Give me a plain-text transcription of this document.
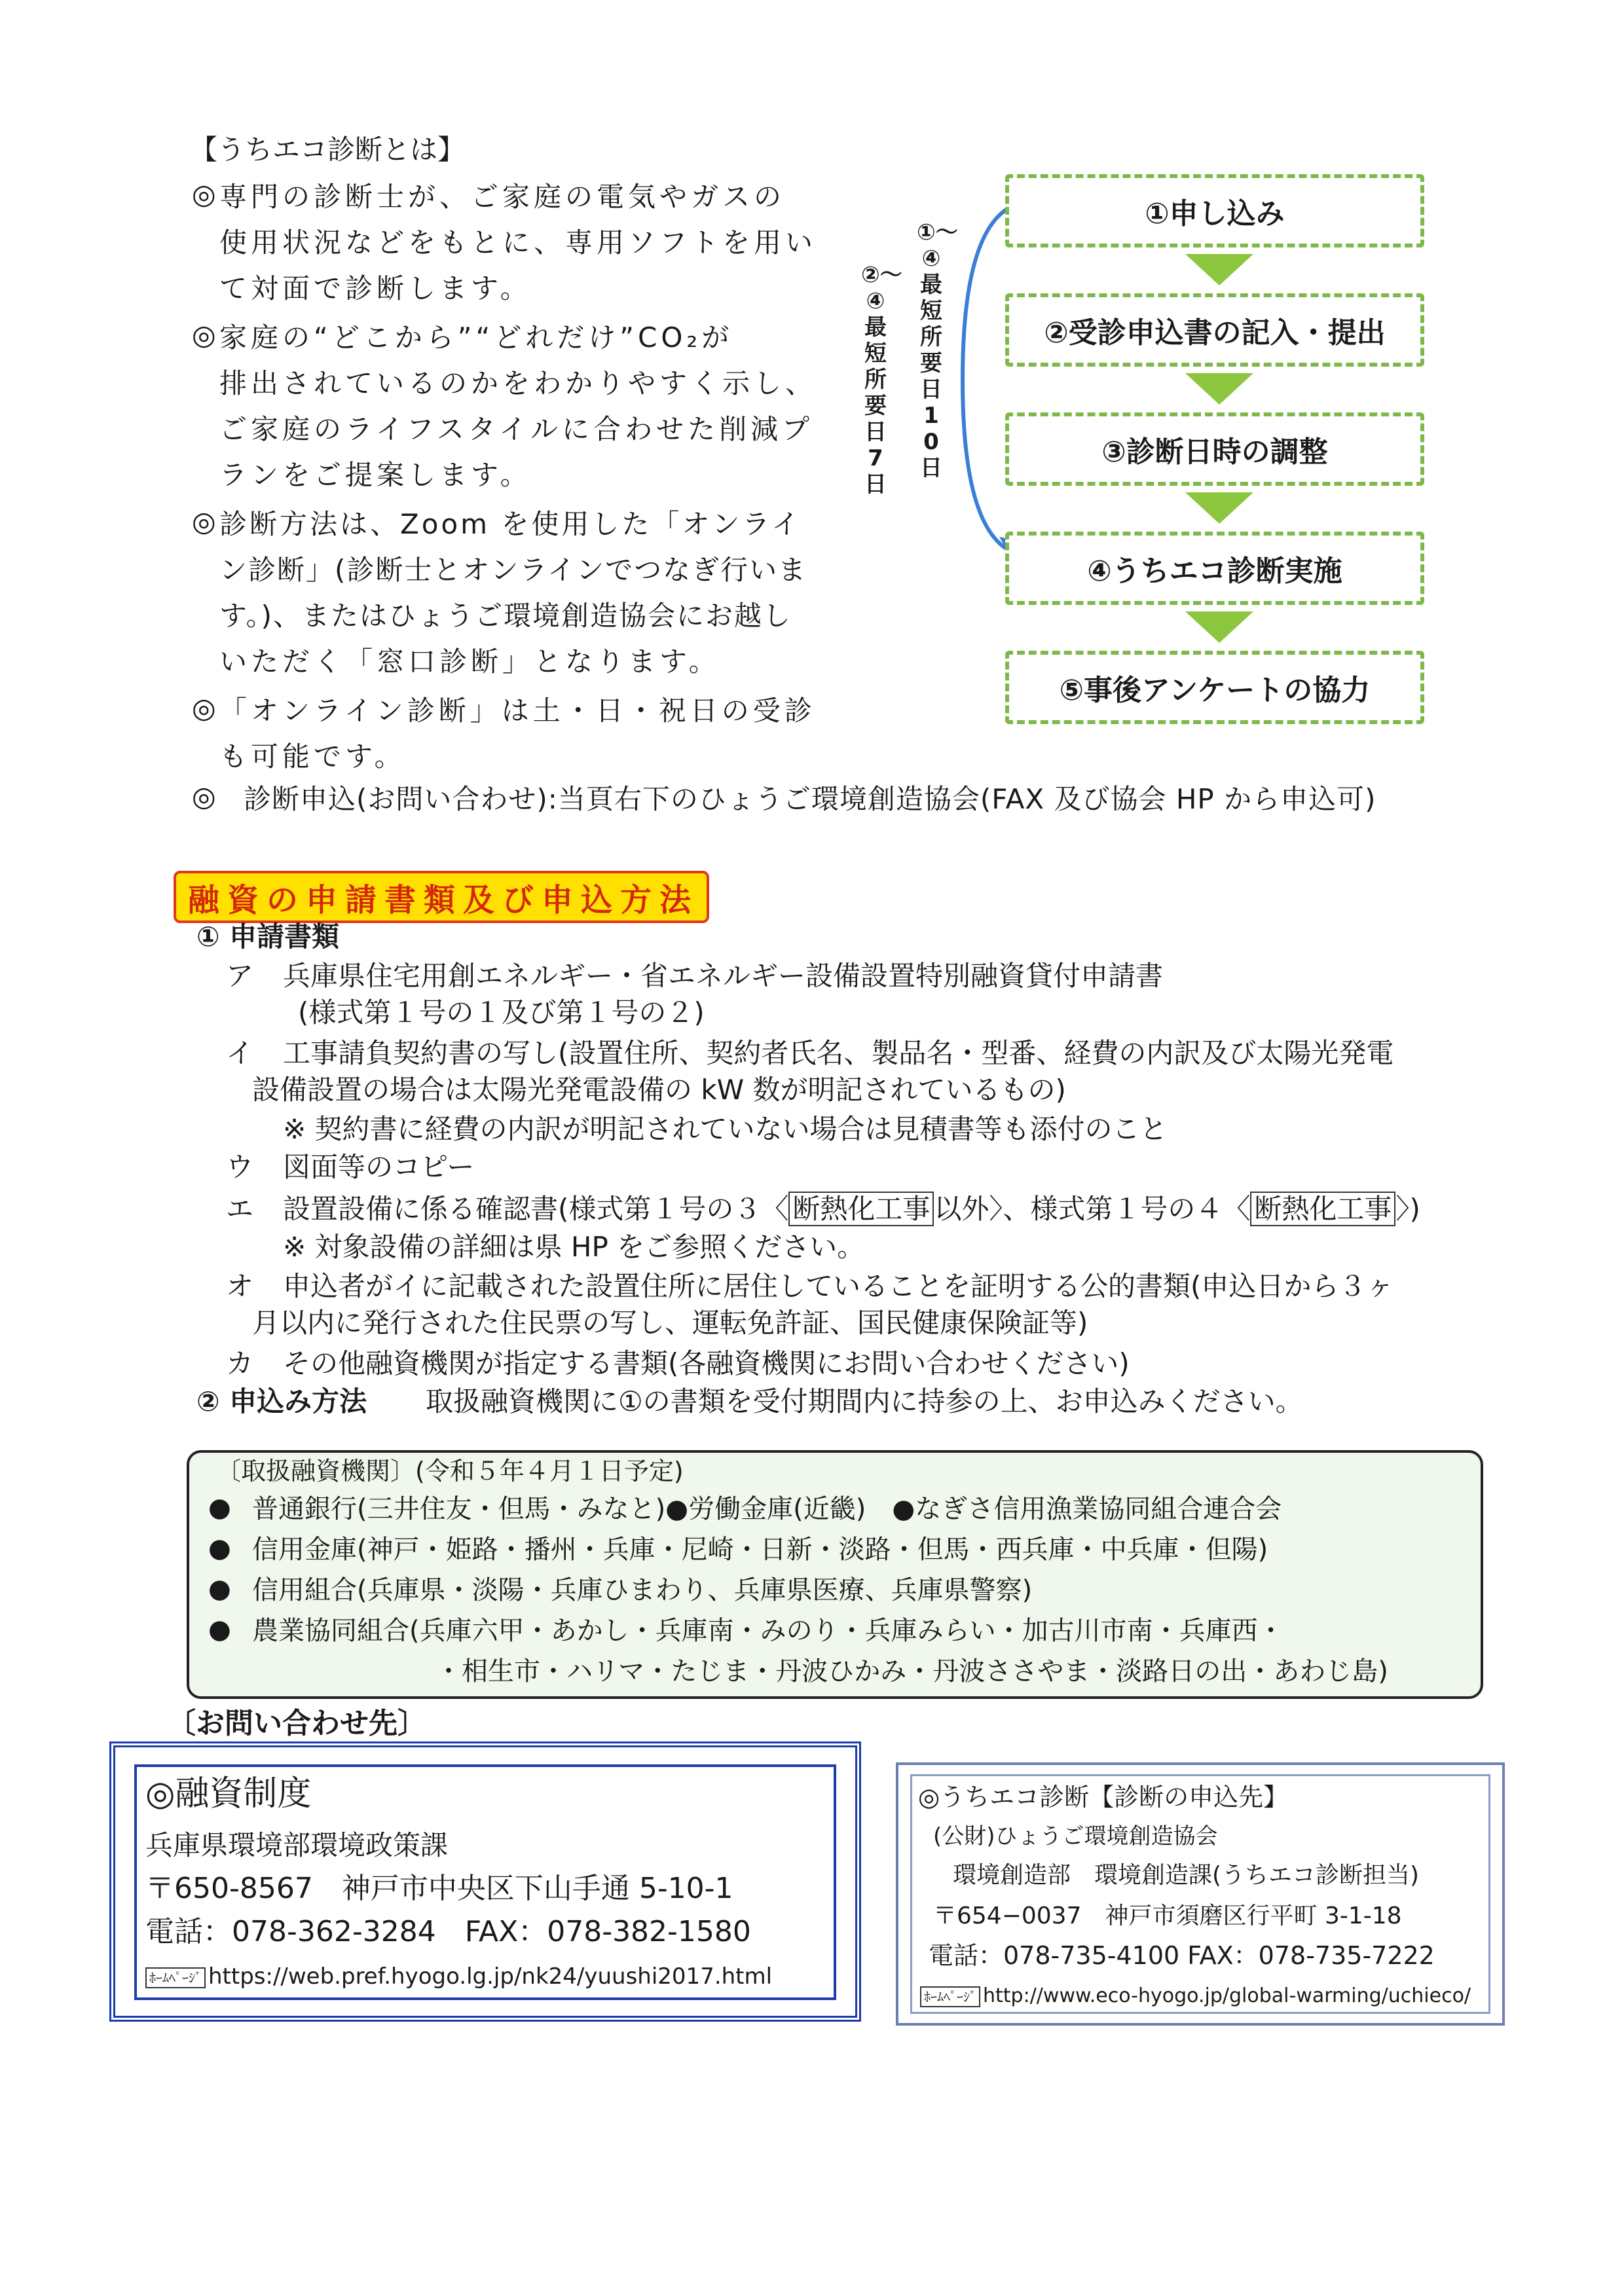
【うちエコ診断とは】
◎ 専門の診断士が、ご家庭の電気やガスの
使用状況などをもとに、専用ソフトを用い
て対面で診断します。
◎ 家庭の“どこから”“どれだけ”CO₂が
排出されているのかをわかりやすく示し、
ご家庭のライフスタイルに合わせた削減プ
ランをご提案します。
◎ 診断方法は、Zoom を使用した「オンライ
ン診断」(診断士とオンラインでつなぎ行いま
す。)、またはひょうご環境創造協会にお越し
いただく「窓口診断」となります。
◎ 「オンライン診断」は土・日・祝日の受診
も可能です。
◎ 診断申込(お問い合わせ):当頁右下のひょうご環境創造協会(FAX 及び協会 HP から申込可)
②〜④最短所要日7日
①〜④最短所要日10日
①申し込み
②受診申込書の記入・提出
③診断日時の調整
④うちエコ診断実施
⑤事後アンケートの協力
融資の申請書類及び申込方法
① 申請書類
ア 兵庫県住宅用創エネルギー・省エネルギー設備設置特別融資貸付申請書
(様式第１号の１及び第１号の２)
イ 工事請負契約書の写し(設置住所、契約者氏名、製品名・型番、経費の内訳及び太陽光発電
設備設置の場合は太陽光発電設備の kW 数が明記されているもの)
※ 契約書に経費の内訳が明記されていない場合は見積書等も添付のこと
ウ 図面等のコピー
エ 設置設備に係る確認書(様式第１号の３〈 断熱化工事 以外〉、様式第１号の４〈 断熱化工事 〉)
※ 対象設備の詳細は県 HP をご参照ください。
オ 申込者がイに記載された設置住所に居住していることを証明する公的書類(申込日から３ヶ
月以内に発行された住民票の写し、運転免許証、国民健康保険証等)
カ その他融資機関が指定する書類(各融資機関にお問い合わせください)
② 申込み方法 取扱融資機関に①の書類を受付期間内に持参の上、お申込みください。
〔取扱融資機関〕(令和５年４月１日予定)
● 普通銀行(三井住友・但馬・みなと)●労働金庫(近畿)　●なぎさ信用漁業協同組合連合会
● 信用金庫(神戸・姫路・播州・兵庫・尼崎・日新・淡路・但馬・西兵庫・中兵庫・但陽)
● 信用組合(兵庫県・淡陽・兵庫ひまわり、兵庫県医療、兵庫県警察)
● 農業協同組合(兵庫六甲・あかし・兵庫南・みのり・兵庫みらい・加古川市南・兵庫西・
・相生市・ハリマ・たじま・丹波ひかみ・丹波ささやま・淡路日の出・あわじ島)
〔お問い合わせ先〕
◎融資制度
兵庫県環境部環境政策課
〒650-8567　神戸市中央区下山手通 5-10-1
電話：078-362-3284　FAX：078-382-1580
ﾎｰﾑﾍﾟｰｼﾞ https://web.pref.hyogo.lg.jp/nk24/yuushi2017.html
◎うちエコ診断【診断の申込先】
(公財)ひょうご環境創造協会
環境創造部　環境創造課(うちエコ診断担当)
〒654−0037　神戸市須磨区行平町 3-1-18
電話：078-735-4100 FAX：078-735-7222
ﾎｰﾑﾍﾟｰｼﾞ http://www.eco-hyogo.jp/global-warming/uchieco/
